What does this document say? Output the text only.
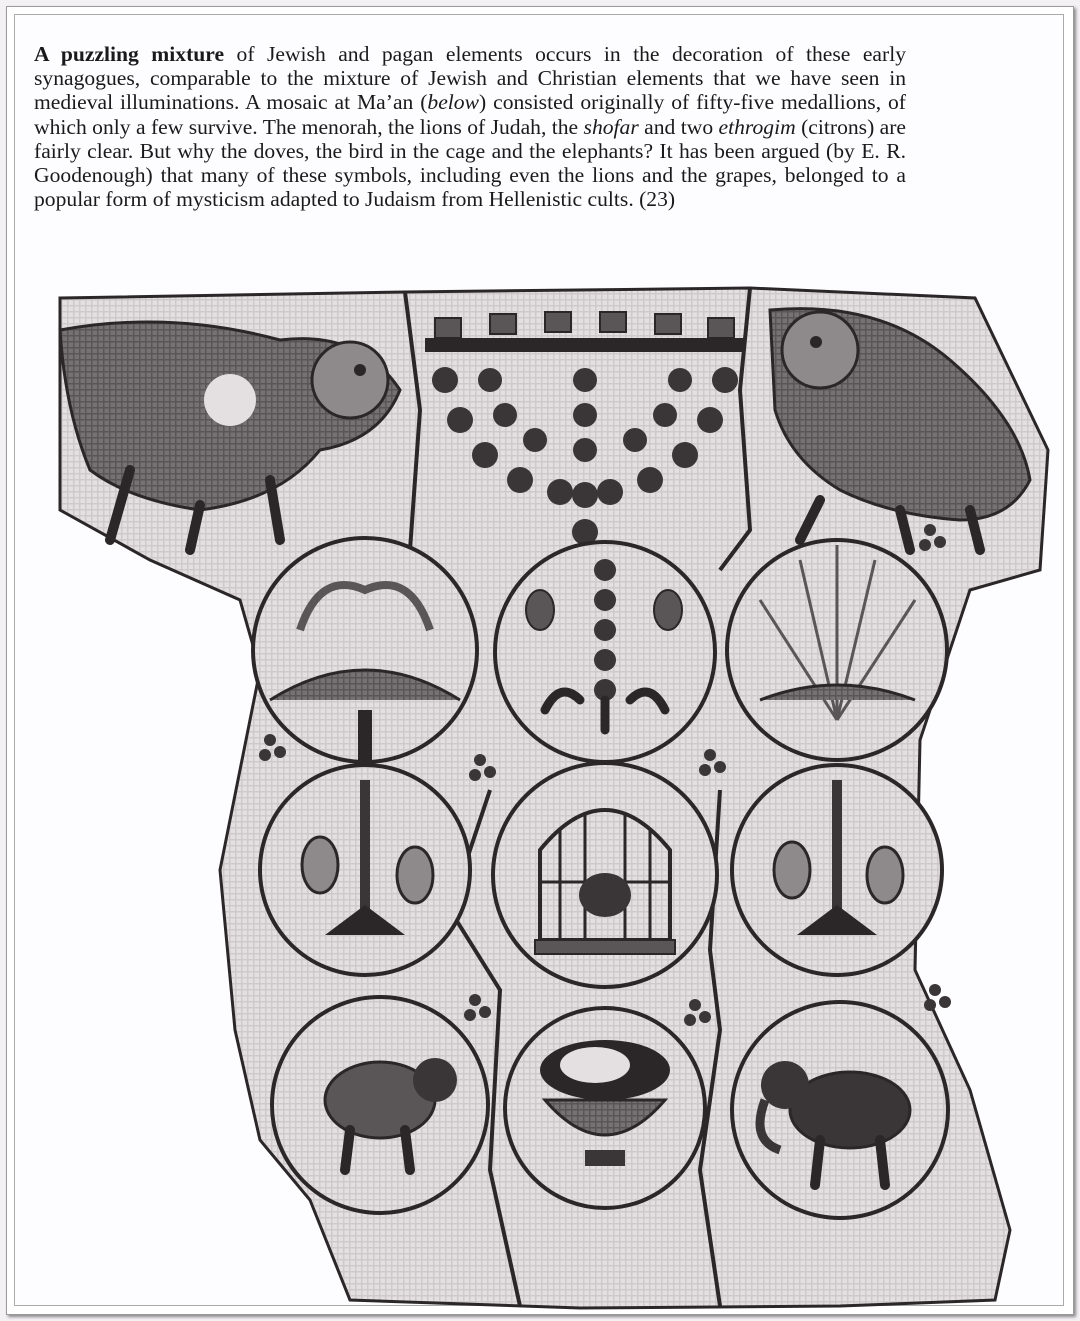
A puzzling mixture of Jewish and pagan elements occurs in the decoration of these early synagogues, comparable to the mixture of Jewish and Christian elements that we have seen in medieval illuminations. A mosaic at Ma’an (below) consisted originally of fifty-five medallions, of which only a few survive. The menorah, the lions of Judah, the shofar and two ethrogim (citrons) are fairly clear. But why the doves, the bird in the cage and the elephants? It has been argued (by E. R. Goodenough) that many of these symbols, including even the lions and the grapes, belonged to a popular form of mysticism adapted to Judaism from Hellenistic cults. (23)
